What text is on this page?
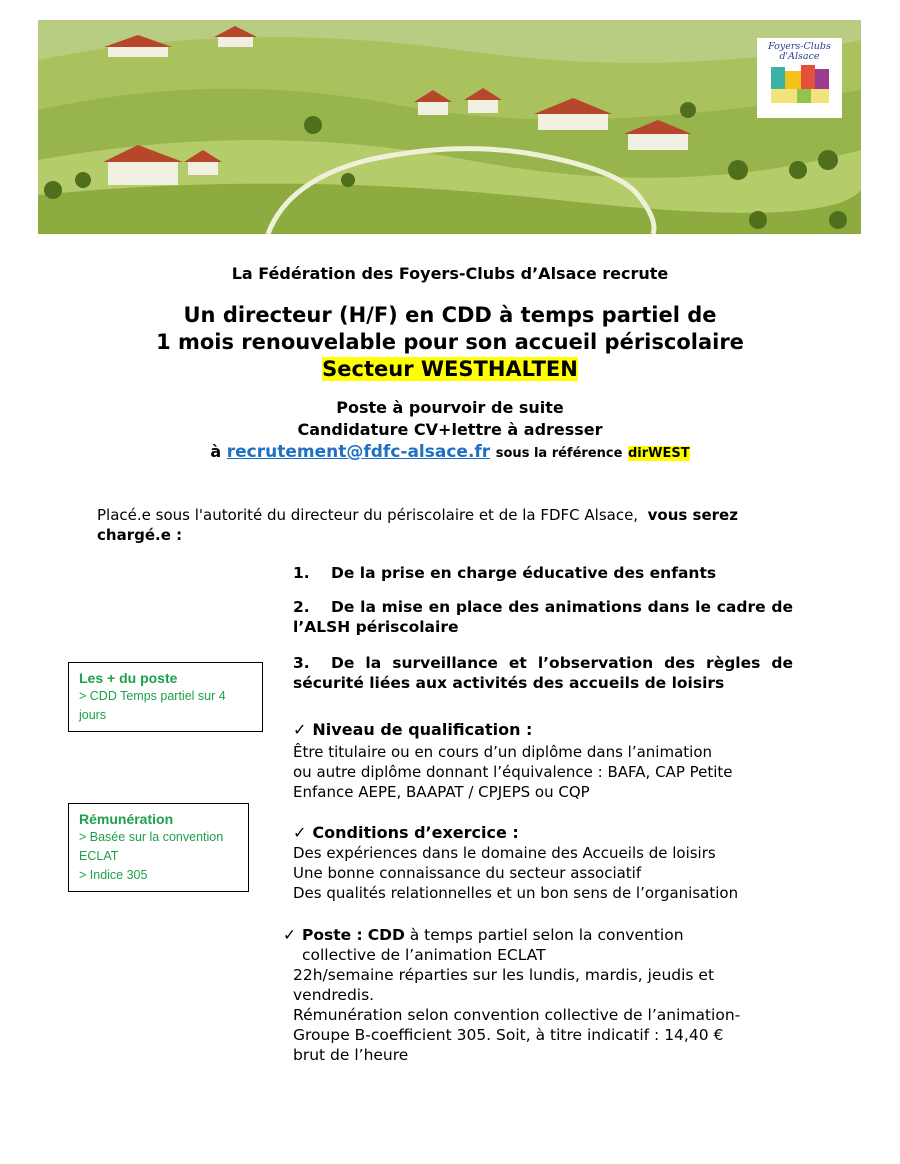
Foyers-Clubs
d'Alsace
La Fédération des Foyers-Clubs d’Alsace recrute
Un directeur (H/F) en CDD à temps partiel de
1 mois renouvelable pour son accueil périscolaire
Secteur WESTHALTEN
Poste à pourvoir de suite
Candidature CV+lettre à adresser
à recrutement@fdfc-alsace.fr sous la référence dirWEST
Placé.e sous l'autorité du directeur du périscolaire et de la FDFC Alsace, vous serez chargé.e :
1. De la prise en charge éducative des enfants
2. De la mise en place des animations dans le cadre de l’ALSH périscolaire
3. De la surveillance et l’observation des règles de sécurité liées aux activités des accueils de loisirs
Les + du poste
> CDD Temps partiel sur 4 jours
Rémunération
> Basée sur la convention ECLAT
> Indice 305
✓ Niveau de qualification :
Être titulaire ou en cours d’un diplôme dans l’animation
ou autre diplôme donnant l’équivalence : BAFA, CAP Petite
Enfance AEPE, BAAPAT / CPJEPS ou CQP
✓ Conditions d’exercice :
Des expériences dans le domaine des Accueils de loisirs
Une bonne connaissance du secteur associatif
Des qualités relationnelles et un bon sens de l’organisation
✓ Poste : CDD à temps partiel selon la convention
collective de l’animation ECLAT
22h/semaine réparties sur les lundis, mardis, jeudis et
vendredis.
Rémunération selon convention collective de l’animation-
Groupe B-coefficient 305. Soit, à titre indicatif : 14,40 €
brut de l’heure
